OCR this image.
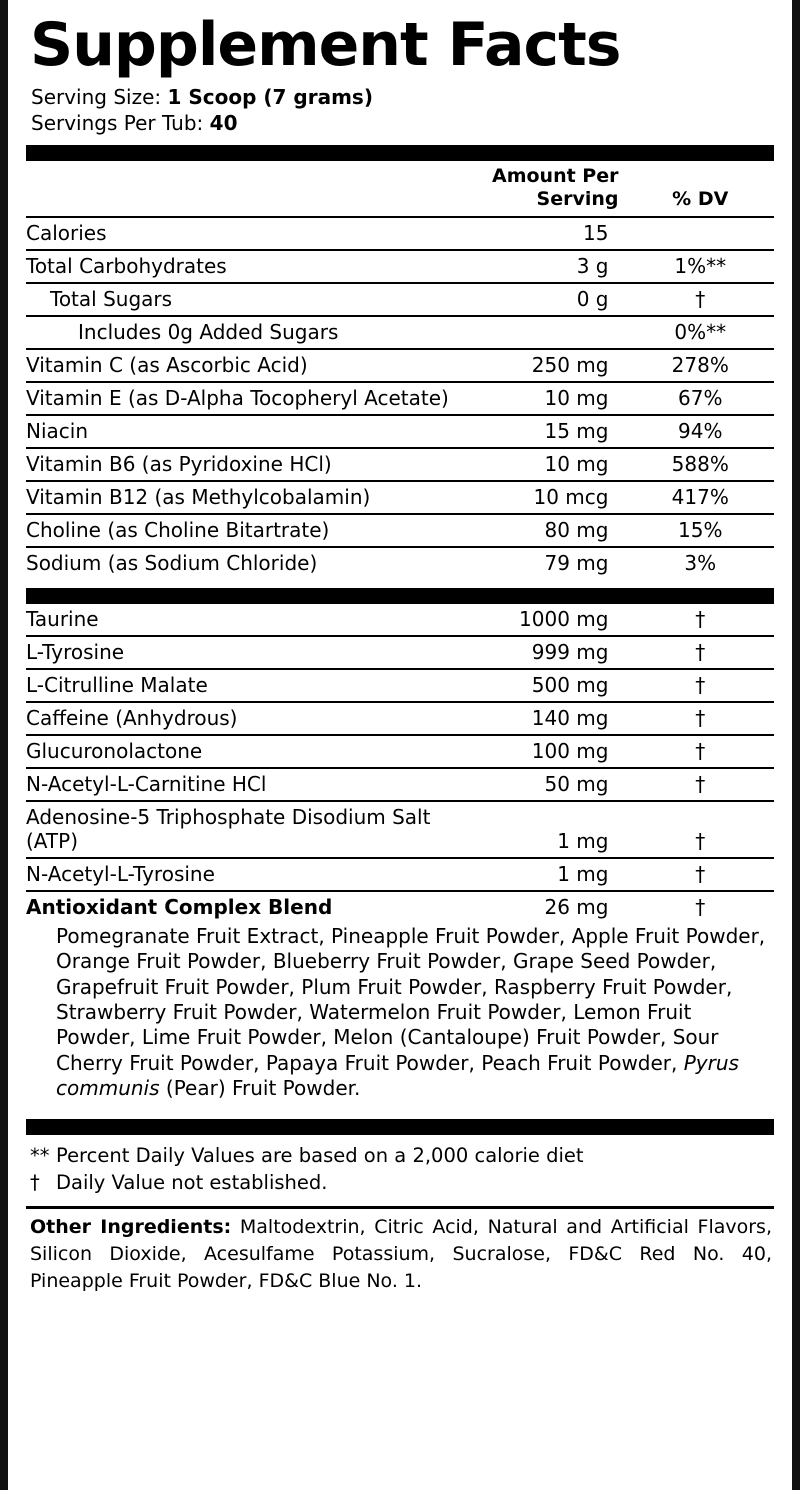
Supplement Facts
Serving Size: 1 Scoop (7 grams)
Servings Per Tub: 40
	Amount Per Serving	% DV
Calories	15	
Total Carbohydrates	3 g	1%**
Total Sugars	0 g	†
Includes 0g Added Sugars		0%**
Vitamin C (as Ascorbic Acid)	250 mg	278%
Vitamin E (as D-Alpha Tocopheryl Acetate)	10 mg	67%
Niacin	15 mg	94%
Vitamin B6 (as Pyridoxine HCl)	10 mg	588%
Vitamin B12 (as Methylcobalamin)	10 mcg	417%
Choline (as Choline Bitartrate)	80 mg	15%
Sodium (as Sodium Chloride)	79 mg	3%
Taurine	1000 mg	†
L-Tyrosine	999 mg	†
L-Citrulline Malate	500 mg	†
Caffeine (Anhydrous)	140 mg	†
Glucuronolactone	100 mg	†
N-Acetyl-L-Carnitine HCl	50 mg	†
Adenosine-5 Triphosphate Disodium Salt (ATP)	1 mg	†
N-Acetyl-L-Tyrosine	1 mg	†
Antioxidant Complex Blend	26 mg	†
Pomegranate Fruit Extract, Pineapple Fruit Powder, Apple Fruit Powder, Orange Fruit Powder, Blueberry Fruit Powder, Grape Seed Powder, Grapefruit Fruit Powder, Plum Fruit Powder, Raspberry Fruit Powder, Strawberry Fruit Powder, Watermelon Fruit Powder, Lemon Fruit Powder, Lime Fruit Powder, Melon (Cantaloupe) Fruit Powder, Sour Cherry Fruit Powder, Papaya Fruit Powder, Peach Fruit Powder, Pyrus communis (Pear) Fruit Powder.
** Percent Daily Values are based on a 2,000 calorie diet
† Daily Value not established.
Other Ingredients: Maltodextrin, Citric Acid, Natural and Artificial Flavors, Silicon Dioxide, Acesulfame Potassium, Sucralose, FD&C Red No. 40, Pineapple Fruit Powder, FD&C Blue No. 1.
